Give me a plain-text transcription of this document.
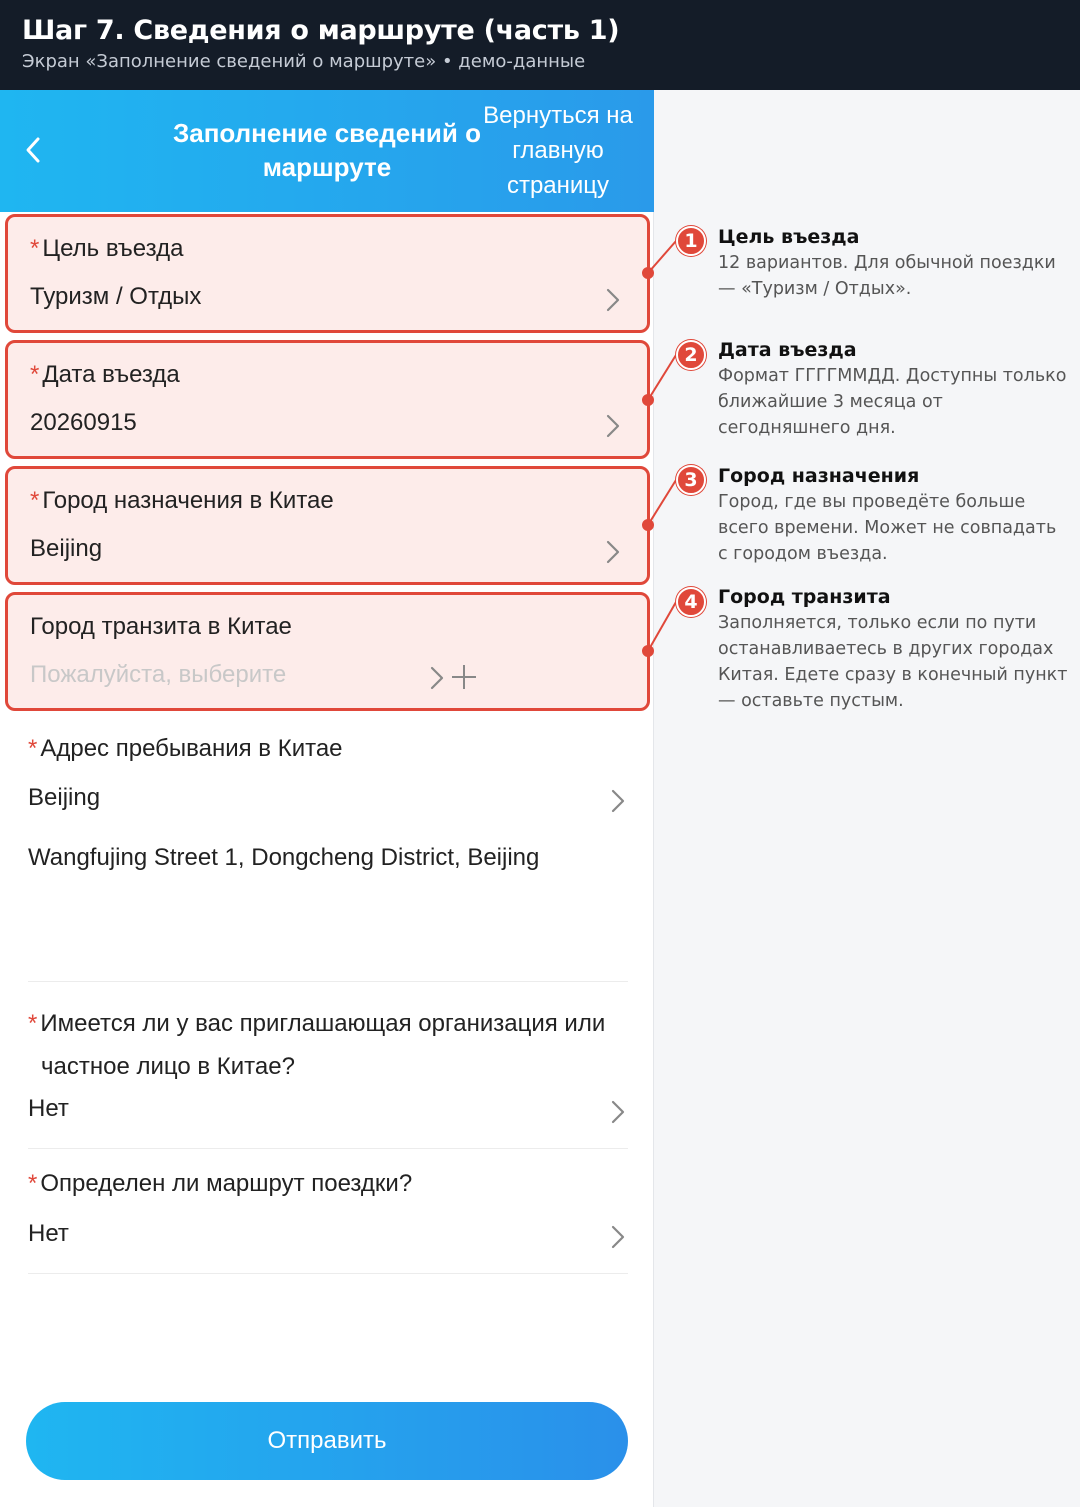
Шаг 7. Сведения о маршруте (часть 1)
Экран «Заполнение сведений о маршруте» • демо-данные
Заполнение сведений о маршруте
Вернуться на главную страницу
* Цель въезда
Туризм / Отдых
* Дата въезда
20260915
* Город назначения в Китае
Beijing
Город транзита в Китае
Пожалуйста, выберите
* Адрес пребывания в Китае
Beijing
Wangfujing Street 1, Dongcheng District, Beijing
* Имеется ли у вас приглашающая организация или частное лицо в Китае?
Нет
* Определен ли маршрут поездки?
Нет
Отправить
1
2
3
4
Цель въезда
12 вариантов. Для обычной поездки — «Туризм / Отдых».
Дата въезда
Формат ГГГГММДД. Доступны только ближайшие 3 месяца от сегодняшнего дня.
Город назначения
Город, где вы проведёте больше всего времени. Может не совпадать с городом въезда.
Город транзита
Заполняется, только если по пути останавливаетесь в других городах Китая. Едете сразу в конечный пункт — оставьте пустым.
